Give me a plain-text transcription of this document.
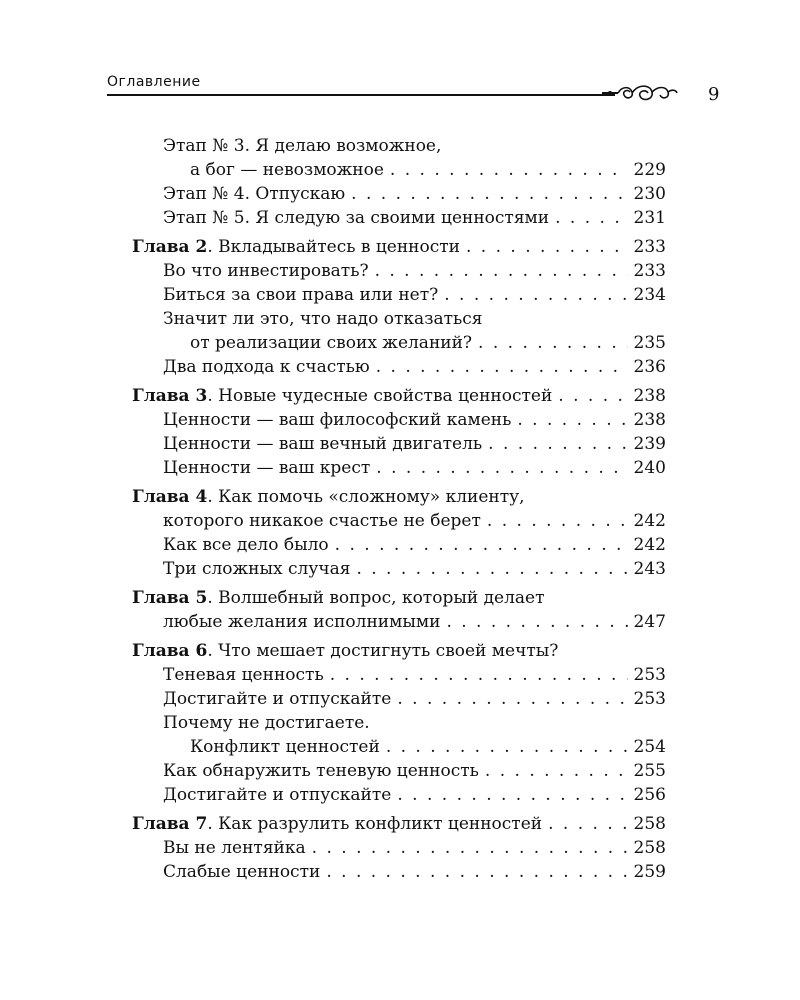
Оглавление
9
Этап № 3. Я делаю возможное,
а бог — невозможное . . .	229
Этап № 4. Отпускаю . . .	230
Этап № 5. Я следую за своими ценностями . . .	231
Глава 2. Вкладывайтесь в ценности . . .	233
Во что инвестировать? . . .	233
Биться за свои права или нет? . . .	234
Значит ли это, что надо отказаться
от реализации своих желаний? . . .	235
Два подхода к счастью . . .	236
Глава 3. Новые чудесные свойства ценностей . . .	238
Ценности — ваш философский камень . . .	238
Ценности — ваш вечный двигатель . . .	239
Ценности — ваш крест . . .	240
Глава 4. Как помочь «сложному» клиенту,
которого никакое счастье не берет . . .	242
Как все дело было . . .	242
Три сложных случая . . .	243
Глава 5. Волшебный вопрос, который делает
любые желания исполнимыми . . .	247
Глава 6. Что мешает достигнуть своей мечты?
Теневая ценность . . .	253
Достигайте и отпускайте . . .	253
Почему не достигаете.
Конфликт ценностей . . .	254
Как обнаружить теневую ценность . . .	255
Достигайте и отпускайте . . .	256
Глава 7. Как разрулить конфликт ценностей . . .	258
Вы не лентяйка . . .	258
Слабые ценности . . .	259
